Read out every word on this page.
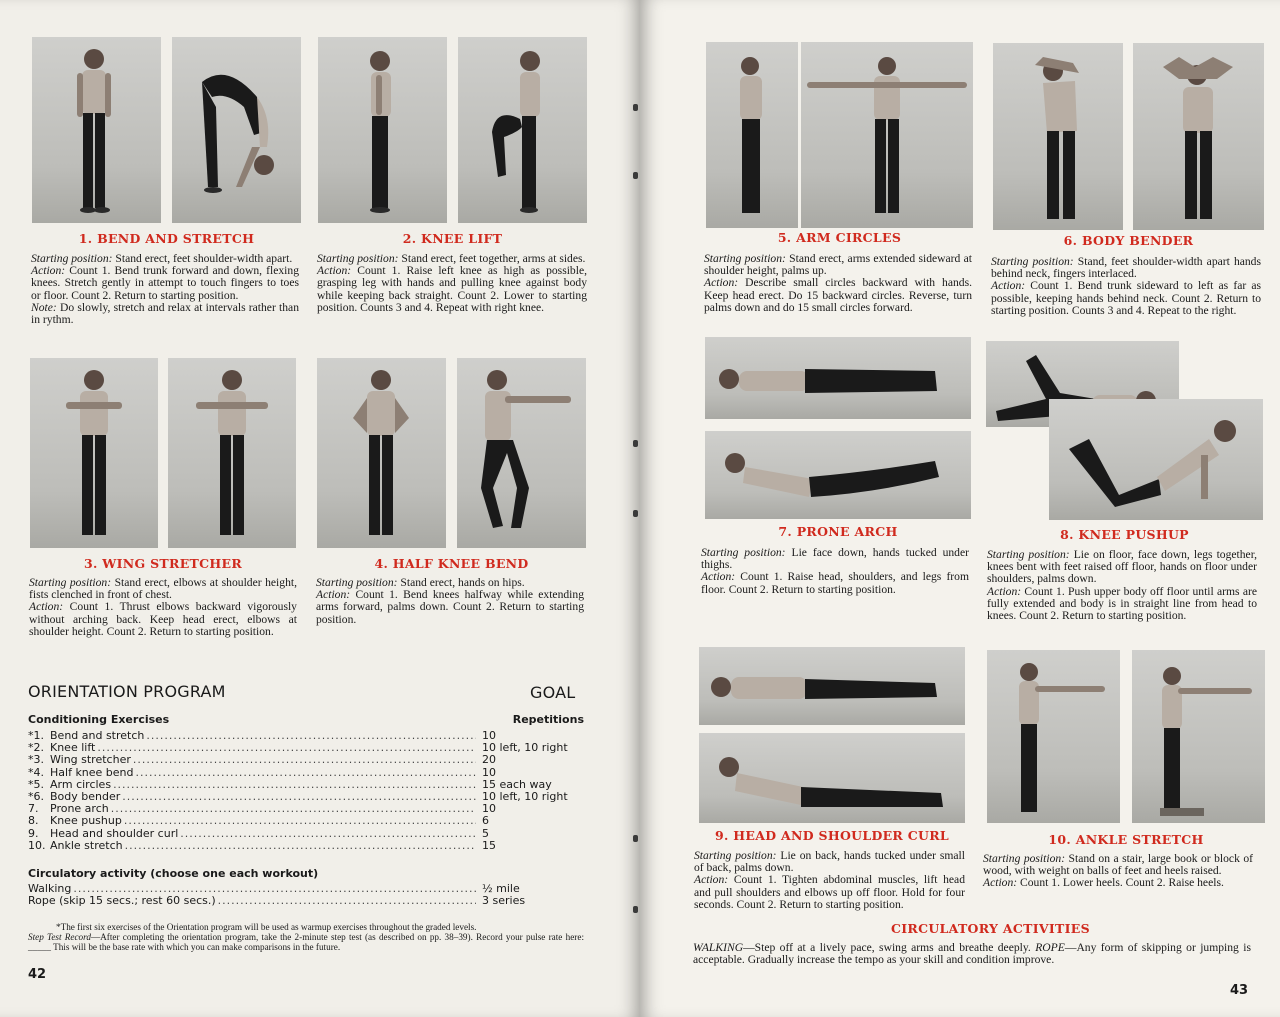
1. BEND AND STRETCH	2. KNEE LIFT

Starting position: Stand erect, feet shoulder-width apart.

Action: Count 1. Bend trunk forward and down, flexing knees. Stretch gently in attempt to touch fingers to toes or floor. Count 2. Return to starting position.

Note: Do slowly, stretch and relax at intervals rather than in rythm.

Starting position: Stand erect, feet together, arms at sides.

Action: Count 1. Raise left knee as high as possible, grasping leg with hands and pulling knee against body while keeping back straight. Count 2. Lower to starting position. Counts 3 and 4. Repeat with right knee.

3. WING STRETCHER	4. HALF KNEE BEND

Starting position: Stand erect, elbows at shoulder height, fists clenched in front of chest.

Action: Count 1. Thrust elbows backward vigorously without arching back. Keep head erect, elbows at shoulder height. Count 2. Return to starting position.

Starting position: Stand erect, hands on hips.

Action: Count 1. Bend knees halfway while extending arms forward, palms down. Count 2. Return to starting position.

ORIENTATION PROGRAM	GOAL
Conditioning Exercises	Repetitions
*1. Bend and stretch .....	10
*2. Knee lift .....	10 left, 10 right
*3. Wing stretcher .....	20
*4. Half knee bend .....	10
*5. Arm circles .....	15 each way
*6. Body bender .....	10 left, 10 right
7.	Prone arch .....	10
8.	Knee pushup .....	6
9.	Head and shoulder curl .....	5
10. Ankle stretch .....	15
Circulatory activity (choose one each workout)
Walking .....	½ mile
Rope (skip 15 secs.; rest 60 secs.) .....	3 series

*The first six exercises of the Orientation program will be used as warmup exercises throughout the graded levels.

Step Test Record—After completing the orientation program, take the 2-minute step test (as described on pp. 38–39). Record your pulse rate here: _____ This will be the base rate with which you can make comparisons in the future.

42
5. ARM CIRCLES	6. BODY BENDER

Starting position: Stand erect, arms extended sideward at shoulder height, palms up.

Action: Describe small circles backward with hands. Keep head erect. Do 15 backward circles. Reverse, turn palms down and do 15 small circles forward.

Starting position: Stand, feet shoulder-width apart hands behind neck, fingers interlaced.

Action: Count 1. Bend trunk sideward to left as far as possible, keeping hands behind neck. Count 2. Return to starting position. Counts 3 and 4. Repeat to the right.

7. PRONE ARCH	8. KNEE PUSHUP

Starting position: Lie face down, hands tucked under thighs.

Action: Count 1. Raise head, shoulders, and legs from floor. Count 2. Return to starting position.

Starting position: Lie on floor, face down, legs together, knees bent with feet raised off floor, hands on floor under shoulders, palms down.

Action: Count 1. Push upper body off floor until arms are fully extended and body is in straight line from head to knees. Count 2. Return to starting position.

9. HEAD AND SHOULDER CURL	10. ANKLE STRETCH

Starting position: Lie on back, hands tucked under small of back, palms down.

Action: Count 1. Tighten abdominal muscles, lift head and pull shoulders and elbows up off floor. Hold for four seconds. Count 2. Return to starting position.

Starting position: Stand on a stair, large book or block of wood, with weight on balls of feet and heels raised.

Action: Count 1. Lower heels. Count 2. Raise heels.

CIRCULATORY ACTIVITIES
WALKING—Step off at a lively pace, swing arms and breathe deeply. ROPE—Any form of skipping or jumping is acceptable. Gradually increase the tempo as your skill and condition improve.
43
